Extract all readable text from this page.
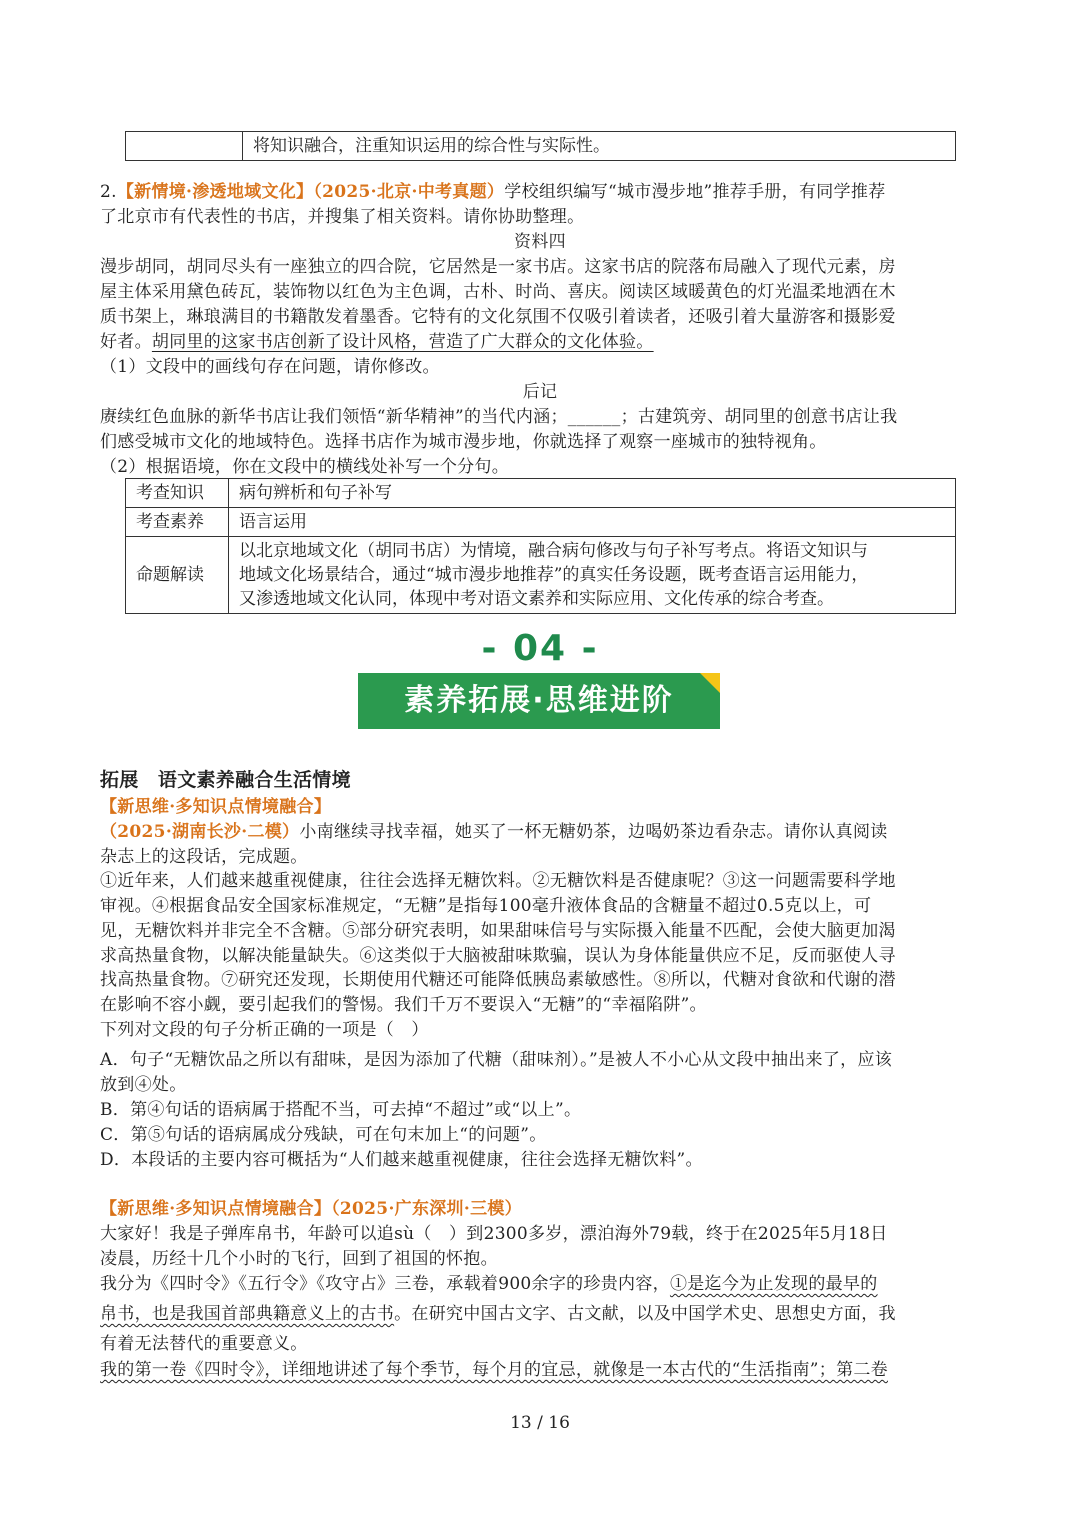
	将知识融合，注重知识运用的综合性与实际性。
2.【新情境·渗透地域文化】（2025·北京·中考真题）学校组织编写“城市漫步地”推荐手册，有同学推荐
了北京市有代表性的书店，并搜集了相关资料。请你协助整理。
资料四
漫步胡同，胡同尽头有一座独立的四合院，它居然是一家书店。这家书店的院落布局融入了现代元素，房
屋主体采用黛色砖瓦，装饰物以红色为主色调，古朴、时尚、喜庆。阅读区域暖黄色的灯光温柔地洒在木
质书架上，琳琅满目的书籍散发着墨香。它特有的文化氛围不仅吸引着读者，还吸引着大量游客和摄影爱
好者。胡同里的这家书店创新了设计风格，营造了广大群众的文化体验。
（1）文段中的画线句存在问题，请你修改。
后记
赓续红色血脉的新华书店让我们领悟“新华精神”的当代内涵；______；古建筑旁、胡同里的创意书店让我
们感受城市文化的地域特色。选择书店作为城市漫步地，你就选择了观察一座城市的独特视角。
（2）根据语境，你在文段中的横线处补写一个分句。
考查知识	病句辨析和句子补写
考查素养	语言运用
命题解读	以北京地域文化（胡同书店）为情境，融合病句修改与句子补写考点。将语文知识与
地域文化场景结合，通过“城市漫步地推荐”的真实任务设题，既考查语言运用能力，
又渗透地域文化认同，体现中考对语文素养和实际应用、文化传承的综合考查。
- 04 -
素养拓展·思维进阶
拓展　语文素养融合生活情境
【新思维·多知识点情境融合】
（2025·湖南长沙·二模）小南继续寻找幸福，她买了一杯无糖奶茶，边喝奶茶边看杂志。请你认真阅读
杂志上的这段话，完成题。
①近年来，人们越来越重视健康，往往会选择无糖饮料。②无糖饮料是否健康呢？③这一问题需要科学地
审视。④根据食品安全国家标准规定，“无糖”是指每100毫升液体食品的含糖量不超过0.5克以上，可
见，无糖饮料并非完全不含糖。⑤部分研究表明，如果甜味信号与实际摄入能量不匹配，会使大脑更加渴
求高热量食物，以解决能量缺失。⑥这类似于大脑被甜味欺骗，误认为身体能量供应不足，反而驱使人寻
找高热量食物。⑦研究还发现，长期使用代糖还可能降低胰岛素敏感性。⑧所以，代糖对食欲和代谢的潜
在影响不容小觑，要引起我们的警惕。我们千万不要误入“无糖”的“幸福陷阱”。
下列对文段的句子分析正确的一项是（　）
A．句子“无糖饮品之所以有甜味，是因为添加了代糖（甜味剂）。”是被人不小心从文段中抽出来了，应该
放到④处。
B．第④句话的语病属于搭配不当，可去掉“不超过”或“以上”。
C．第⑤句话的语病属成分残缺，可在句末加上“的问题”。
D．本段话的主要内容可概括为“人们越来越重视健康，往往会选择无糖饮料”。
【新思维·多知识点情境融合】（2025·广东深圳·三模）
大家好！我是子弹库帛书，年龄可以追sù（　）到2300多岁，漂泊海外79载，终于在2025年5月18日
凌晨，历经十几个小时的飞行，回到了祖国的怀抱。
我分为《四时令》《五行令》《攻守占》三卷，承载着900余字的珍贵内容，①是迄今为止发现的最早的
帛书，也是我国首部典籍意义上的古书。在研究中国古文字、古文献，以及中国学术史、思想史方面，我
有着无法替代的重要意义。
我的第一卷《四时令》，详细地讲述了每个季节，每个月的宜忌，就像是一本古代的“生活指南”；第二卷
13 / 16
